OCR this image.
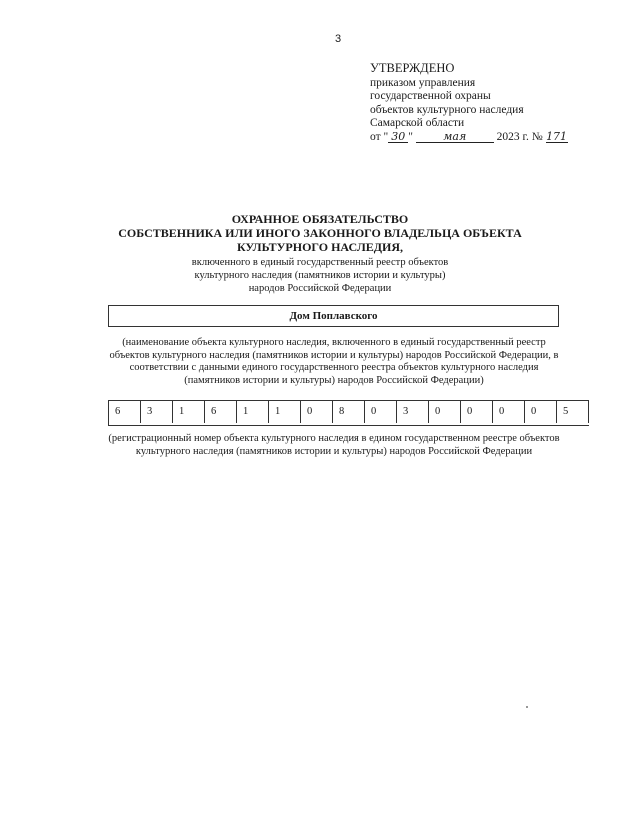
3
УТВЕРЖДЕНО
приказом управления
государственной охраны
объектов культурного наследия
Самарской области
от " 30 "	мая	2023 г. № 171
ОХРАННОЕ ОБЯЗАТЕЛЬСТВО
СОБСТВЕННИКА ИЛИ ИНОГО ЗАКОННОГО ВЛАДЕЛЬЦА ОБЪЕКТА
КУЛЬТУРНОГО НАСЛЕДИЯ,
включенного в единый государственный реестр объектов
культурного наследия (памятников истории и культуры)
народов Российской Федерации
Дом Поплавского
(наименование объекта культурного наследия, включенного в единый государственный реестр объектов культурного наследия (памятников истории и культуры) народов Российской Федерации, в соответствии с данными единого государственного реестра объектов культурного наследия (памятников истории и культуры) народов Российской Федерации)
6	3	1	6	1	1	0	8	0	3	0	0	0	0	5
(регистрационный номер объекта культурного наследия в едином государственном реестре объектов культурного наследия (памятников истории и культуры) народов Российской Федерации
